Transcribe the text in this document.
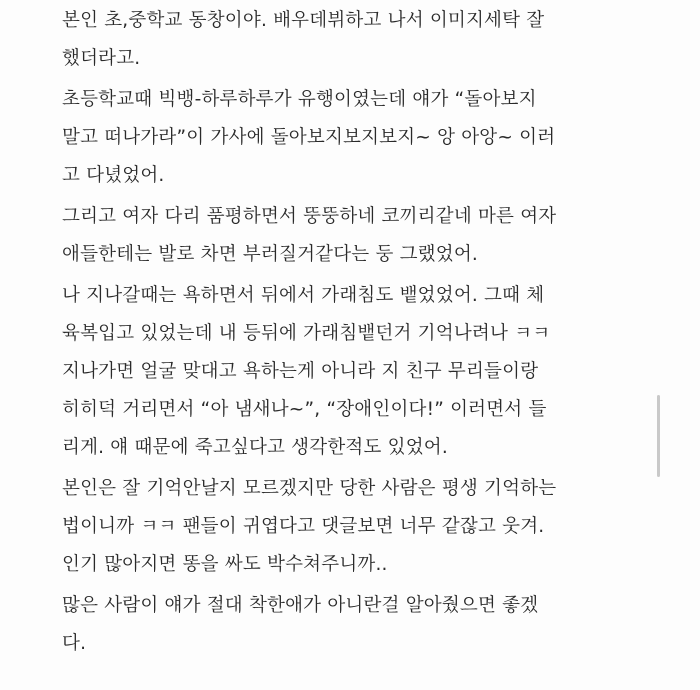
본인 초,중학교 동창이야. 배우데뷔하고 나서 이미지세탁 잘
했더라고.

초등학교때 빅뱅-하루하루가 유행이였는데 얘가 “돌아보지
말고 떠나가라”이 가사에 돌아보지보지보지~ 앙 아앙~ 이러
고 다녔었어.

그리고 여자 다리 품평하면서 뚱뚱하네 코끼리같네 마른 여자
애들한테는 발로 차면 부러질거같다는 둥 그랬었어.

나 지나갈때는 욕하면서 뒤에서 가래침도 뱉었었어. 그때 체
육복입고 있었는데 내 등뒤에 가래침뱉던거 기억나려나 ㅋㅋ
지나가면 얼굴 맞대고 욕하는게 아니라 지 친구 무리들이랑
히히덕 거리면서 “아 냄새나~”, “장애인이다!” 이러면서 들
리게. 얘 때문에 죽고싶다고 생각한적도 있었어.

본인은 잘 기억안날지 모르겠지만 당한 사람은 평생 기억하는
법이니까 ㅋㅋ 팬들이 귀엽다고 댓글보면 너무 같잖고 웃겨.
인기 많아지면 똥을 싸도 박수쳐주니까..

많은 사람이 얘가 절대 착한애가 아니란걸 알아줬으면 좋겠
다.
